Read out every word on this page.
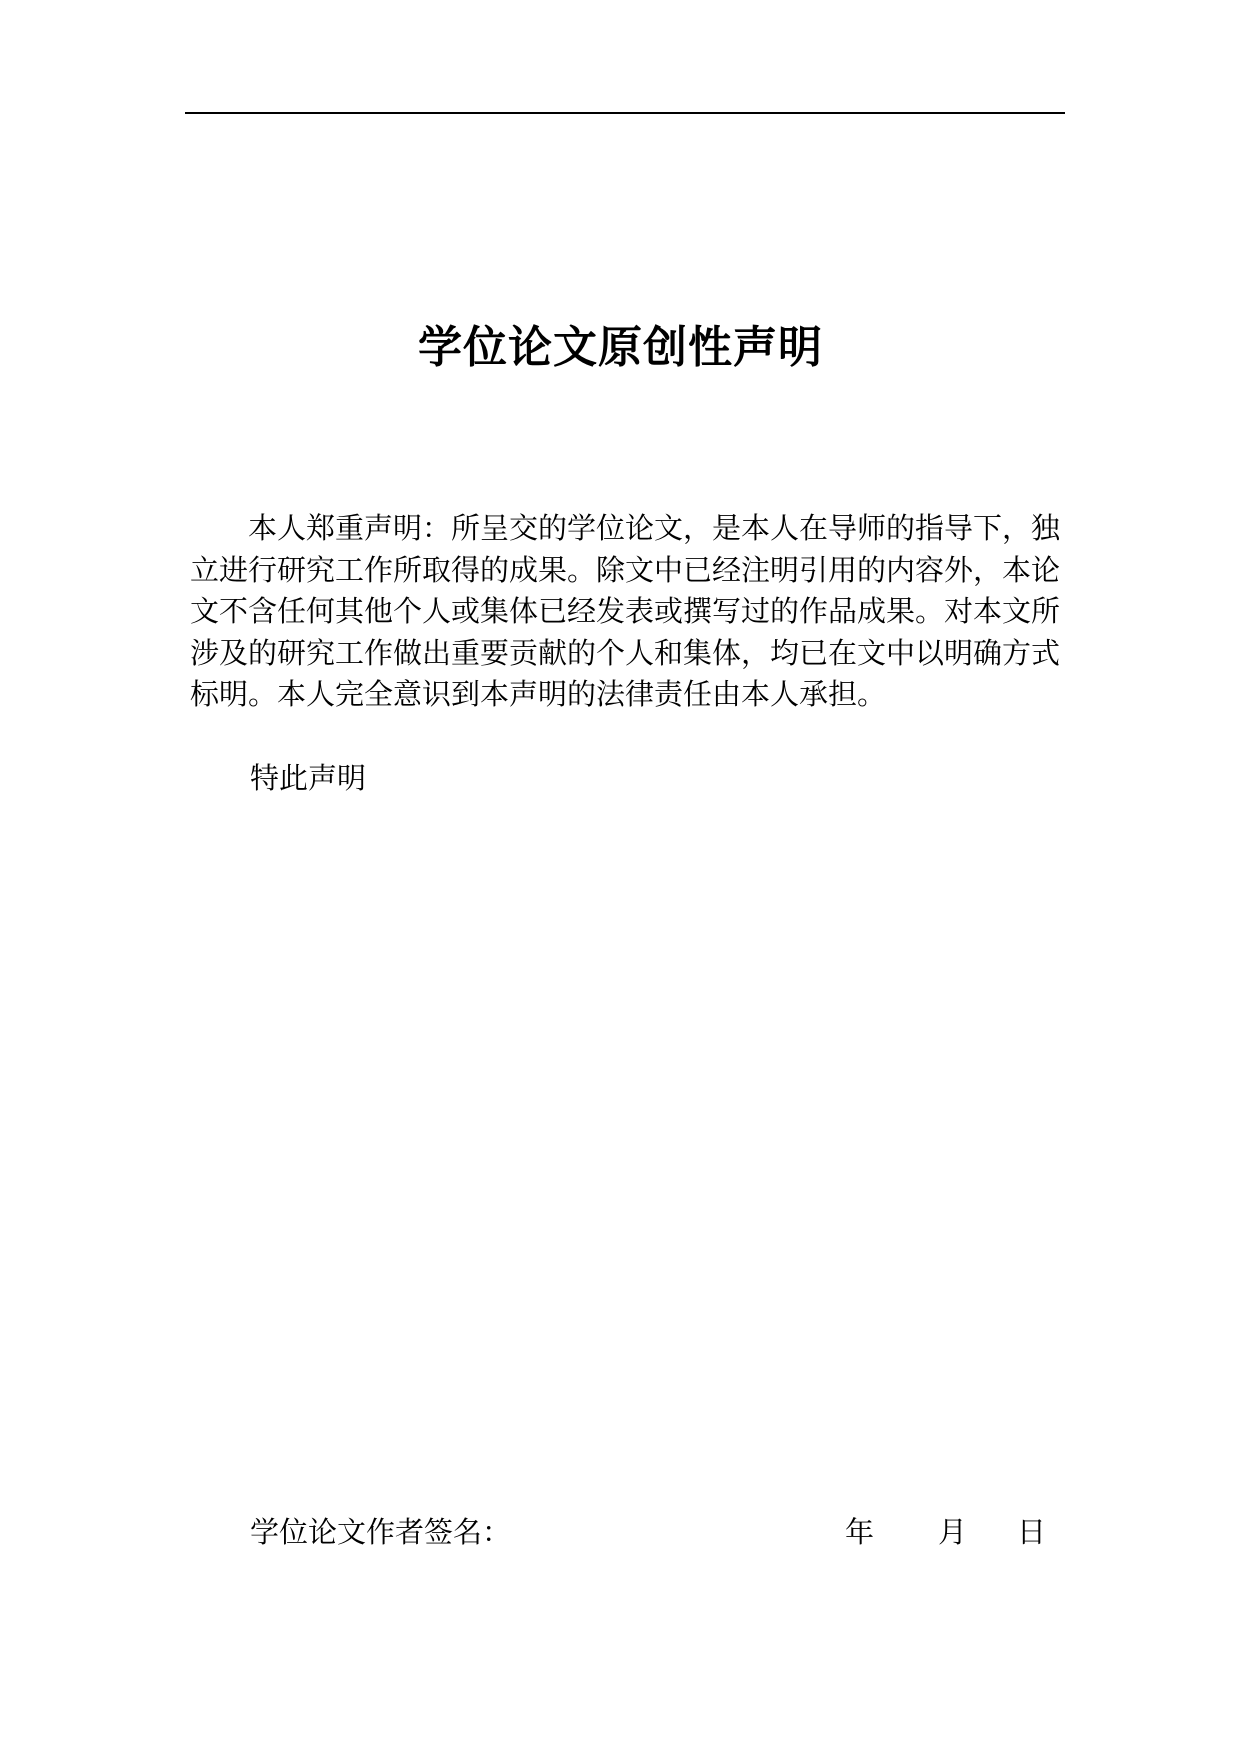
学位论文原创性声明

本人郑重声明：所呈交的学位论文，是本人在导师的指导下，独立进行研究工作所取得的成果。除文中已经注明引用的内容外，本论文不含任何其他个人或集体已经发表或撰写过的作品成果。对本文所涉及的研究工作做出重要贡献的个人和集体，均已在文中以明确方式标明。本人完全意识到本声明的法律责任由本人承担。

特此声明
学位论文作者签名：	年 月 日
